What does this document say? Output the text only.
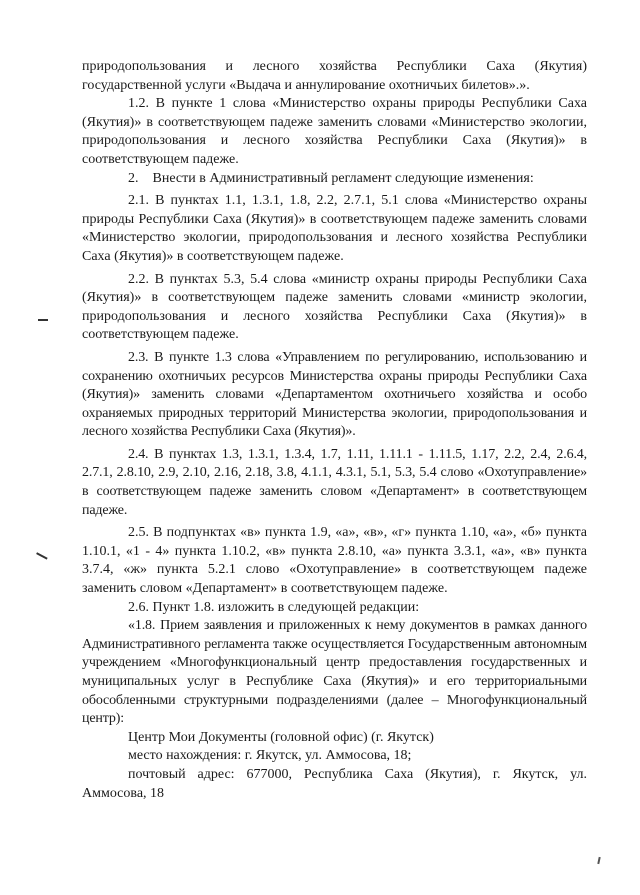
природопользования и лесного хозяйства Республики Саха (Якутия) государственной услуги «Выдача и аннулирование охотничьих билетов».».

1.2. В пункте 1 слова «Министерство охраны природы Республики Саха (Якутия)» в соответствующем падеже заменить словами «Министерство экологии, природопользования и лесного хозяйства Республики Саха (Якутия)» в соответствующем падеже.

2.    Внести в Административный регламент следующие изменения:

2.1. В пунктах 1.1, 1.3.1, 1.8, 2.2, 2.7.1, 5.1 слова «Министерство охраны природы Республики Саха (Якутия)» в соответствующем падеже заменить словами «Министерство экологии, природопользования и лесного хозяйства Республики Саха (Якутия)» в соответствующем падеже.

2.2. В пунктах 5.3, 5.4 слова «министр охраны природы Республики Саха (Якутия)» в соответствующем падеже заменить словами «министр экологии, природопользования и лесного хозяйства Республики Саха (Якутия)» в соответствующем падеже.

2.3. В пункте 1.3 слова «Управлением по регулированию, использованию и сохранению охотничьих ресурсов Министерства охраны природы Республики Саха (Якутия)» заменить словами «Департаментом охотничьего хозяйства и особо охраняемых природных территорий Министерства экологии, природопользования и лесного хозяйства Республики Саха (Якутия)».

2.4. В пунктах 1.3, 1.3.1, 1.3.4, 1.7, 1.11, 1.11.1 - 1.11.5, 1.17, 2.2, 2.4, 2.6.4, 2.7.1, 2.8.10, 2.9, 2.10, 2.16, 2.18, 3.8, 4.1.1, 4.3.1, 5.1, 5.3, 5.4 слово «Охотуправление» в соответствующем падеже заменить словом «Департамент» в соответствующем падеже.

2.5. В подпунктах «в» пункта 1.9, «а», «в», «г» пункта 1.10, «а», «б» пункта 1.10.1, «1 - 4» пункта 1.10.2, «в» пункта 2.8.10, «а» пункта 3.3.1, «а», «в» пункта 3.7.4, «ж» пункта 5.2.1 слово «Охотуправление» в соответствующем падеже заменить словом «Департамент» в соответствующем падеже.

2.6. Пункт 1.8. изложить в следующей редакции:

«1.8. Прием заявления и приложенных к нему документов в рамках данного Административного регламента также осуществляется Государственным автономным учреждением «Многофункциональный центр предоставления государственных и муниципальных услуг в Республике Саха (Якутия)» и его территориальными обособленными структурными подразделениями (далее – Многофункциональный центр):

Центр Мои Документы (головной офис) (г. Якутск)

место нахождения: г. Якутск, ул. Аммосова, 18;

почтовый адрес: 677000, Республика Саха (Якутия), г. Якутск, ул. Аммосова, 18
